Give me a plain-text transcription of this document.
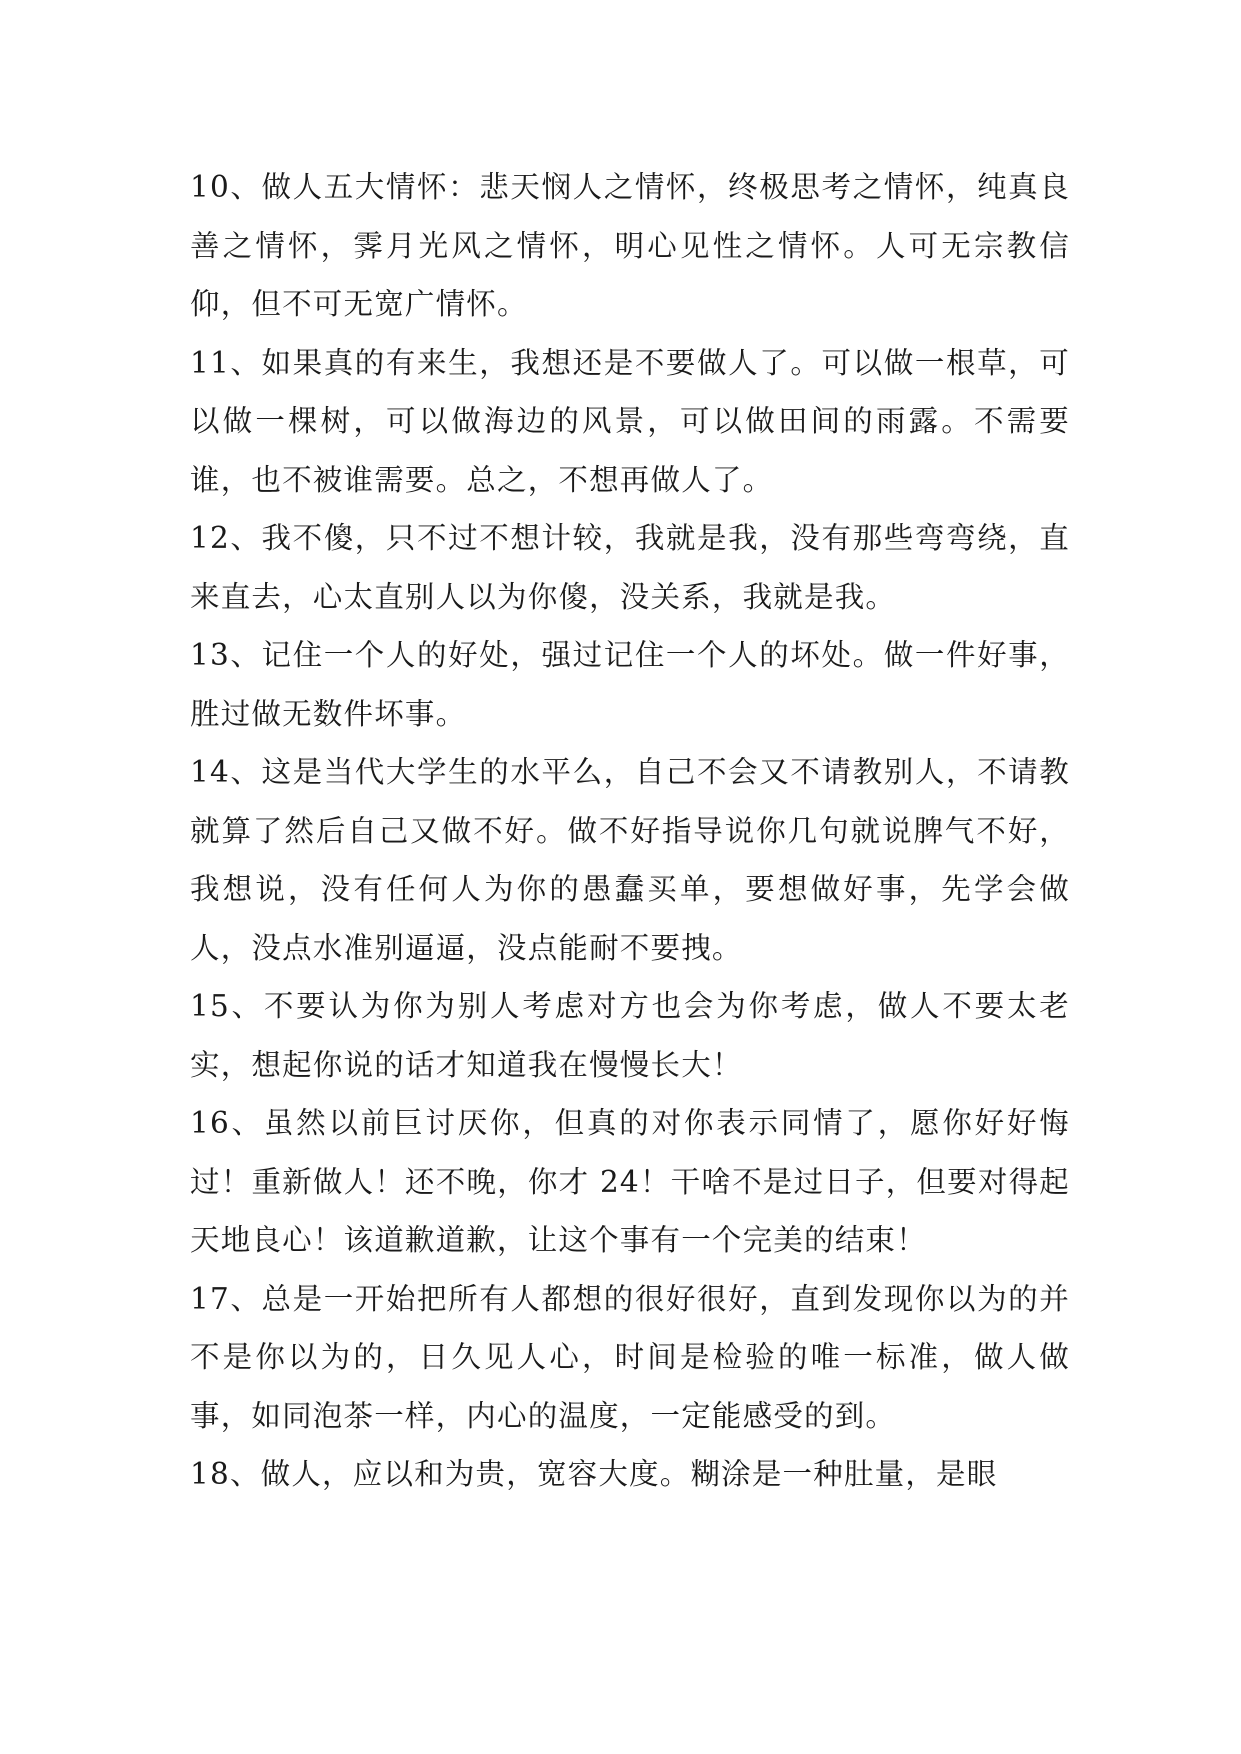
10、做人五大情怀：悲天悯人之情怀，终极思考之情怀，纯真良善之情怀，霁月光风之情怀，明心见性之情怀。人可无宗教信仰，但不可无宽广情怀。

11、如果真的有来生，我想还是不要做人了。可以做一根草，可以做一棵树，可以做海边的风景，可以做田间的雨露。不需要谁，也不被谁需要。总之，不想再做人了。

12、我不傻，只不过不想计较，我就是我，没有那些弯弯绕，直来直去，心太直别人以为你傻，没关系，我就是我。

13、记住一个人的好处，强过记住一个人的坏处。做一件好事，胜过做无数件坏事。

14、这是当代大学生的水平么，自己不会又不请教别人，不请教就算了然后自己又做不好。做不好指导说你几句就说脾气不好，我想说，没有任何人为你的愚蠢买单，要想做好事，先学会做人，没点水准别逼逼，没点能耐不要拽。

15、不要认为你为别人考虑对方也会为你考虑，做人不要太老实，想起你说的话才知道我在慢慢长大！

16、虽然以前巨讨厌你，但真的对你表示同情了，愿你好好悔过！重新做人！还不晚，你才 24！干啥不是过日子，但要对得起天地良心！该道歉道歉，让这个事有一个完美的结束！

17、总是一开始把所有人都想的很好很好，直到发现你以为的并不是你以为的，日久见人心，时间是检验的唯一标准，做人做事，如同泡茶一样，内心的温度，一定能感受的到。

18、做人，应以和为贵，宽容大度。糊涂是一种肚量，是眼
